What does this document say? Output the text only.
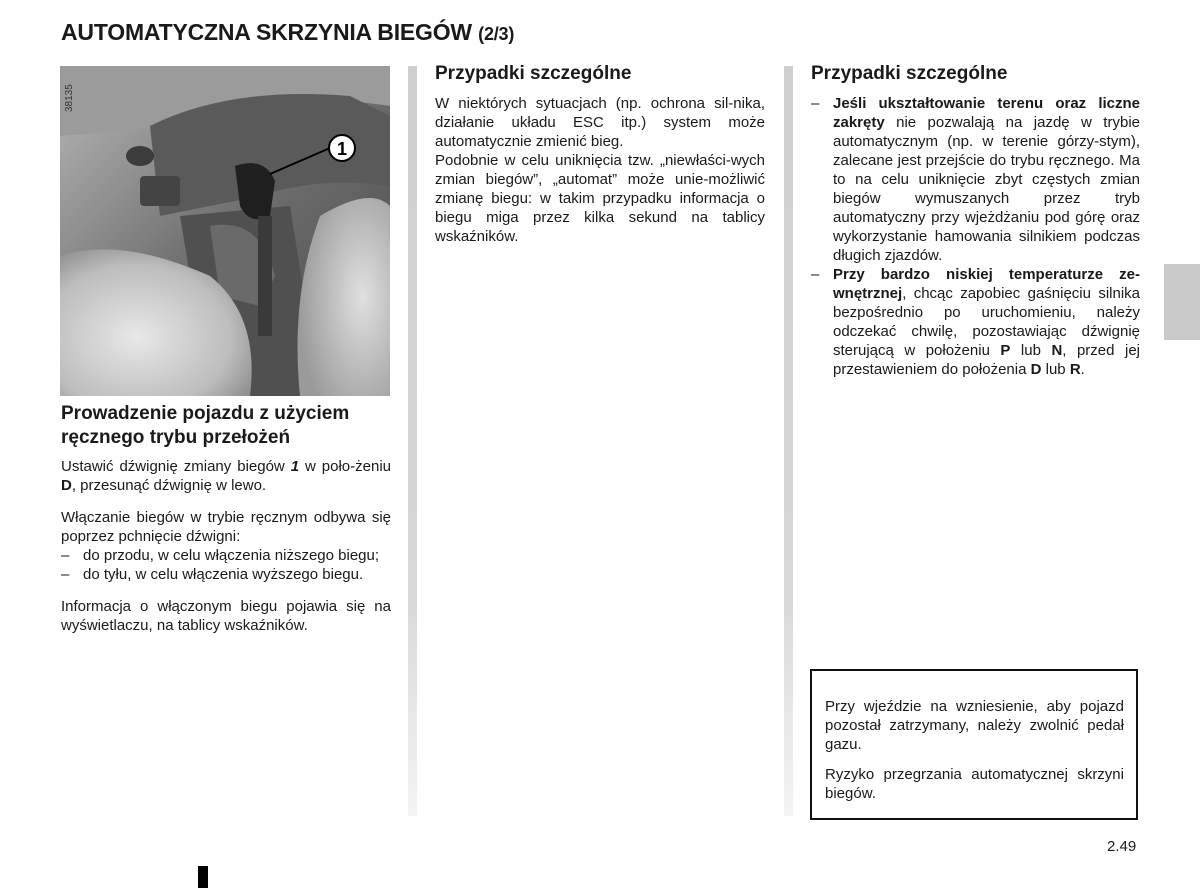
AUTOMATYCZNA SKRZYNIA BIEGÓW (2/3)
1
38135
Prowadzenie pojazdu z użyciem
ręcznego trybu przełożeń
Ustawić dźwignię zmiany biegów 1 w poło-żeniu D, przesunąć dźwignię w lewo.
Włączanie biegów w trybie ręcznym odbywa się poprzez pchnięcie dźwigni:
– do przodu, w celu włączenia niższego biegu;
– do tyłu, w celu włączenia wyższego biegu.
Informacja o włączonym biegu pojawia się na wyświetlaczu, na tablicy wskaźników.
Przypadki szczególne
W niektórych sytuacjach (np. ochrona sil-nika, działanie układu ESC itp.) system może automatycznie zmienić bieg.
Podobnie w celu uniknięcia tzw. „niewłaści-wych zmian biegów”, „automat” może unie-możliwić zmianę biegu: w takim przypadku informacja o biegu miga przez kilka sekund na tablicy wskaźników.
Przypadki szczególne
– Jeśli ukształtowanie terenu oraz liczne zakręty nie pozwalają na jazdę w trybie automatycznym (np. w terenie górzy-stym), zalecane jest przejście do trybu ręcznego. Ma to na celu uniknięcie zbyt częstych zmian biegów wymuszanych przez tryb automatyczny przy wjeżdżaniu pod górę oraz wykorzystanie hamowania silnikiem podczas długich zjazdów.
– Przy bardzo niskiej temperaturze ze-wnętrznej, chcąc zapobiec gaśnięciu silnika bezpośrednio po uruchomieniu, należy odczekać chwilę, pozostawiając dźwignię sterującą w położeniu P lub N, przed jej przestawieniem do położenia D lub R.
Przy wjeździe na wzniesienie, aby pojazd pozostał zatrzymany, należy zwolnić pedał gazu.
Ryzyko przegrzania automatycznej skrzyni biegów.
2.49
